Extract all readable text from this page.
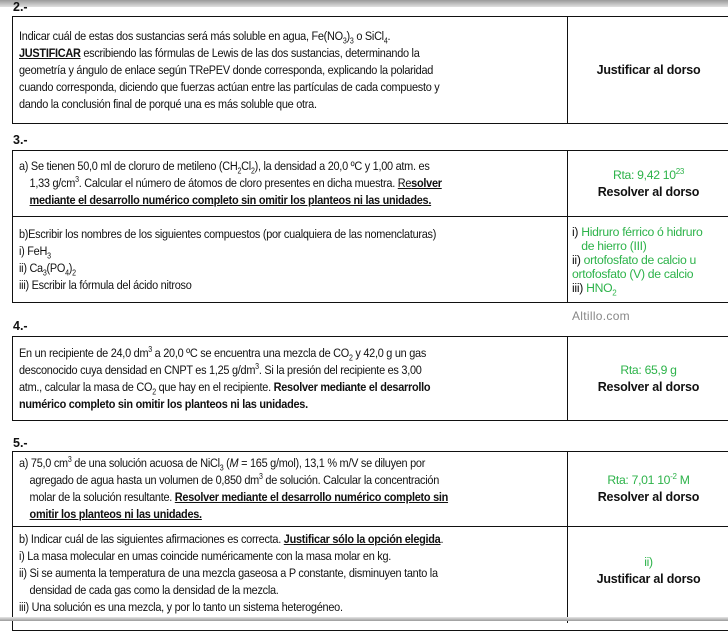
2.-
Indicar cuál de estas dos sustancias será más soluble en agua, $Fe(NO_3)_3$ o SiCl$_4$.
JUSTIFICAR escribiendo las fórmulas de Lewis de las dos sustancias, determinando la
geometría y ángulo de enlace según TRePEV donde corresponda, explicando la polaridad
cuando corresponda, diciendo que fuerzas actúan entre las partículas de cada compuesto y
dando la conclusión final de porqué una es más soluble que otra.
Justificar al dorso
3.-
a) Se tienen 50,0 ml de cloruro de metileno $(CH_2Cl_2)$, la densidad a 20,0 ºC y 1,00 atm. es
1,33 $g/cm^3$. Calcular el número de átomos de cloro presentes en dicha muestra. Resolver
mediante el desarrollo numérico completo sin omitir los planteos ni las unidades.
Rta: 9,42 $10^{23}$
Resolver al dorso
b)Escribir los nombres de los siguientes compuestos (por cualquiera de las nomenclaturas)
i) FeH$_3$
ii) $Ca_3(PO_4)_2$
iii) Escribir la fórmula del ácido nitroso
i) Hidruro férrico ó hidruro
de hierro (III)
ii) ortofosfato de calcio u
ortofosfato (V) de calcio
iii) $HNO_2$
Altillo.com
4.-
En un recipiente de 24,0 $dm^3$ a 20,0 ºC se encuentra una mezcla de $CO_2$ y 42,0 g un gas
desconocido cuya densidad en CNPT es 1,25 $g/dm^3$. Si la presión del recipiente es 3,00
atm., calcular la masa de $CO_2$ que hay en el recipiente. Resolver mediante el desarrollo
numérico completo sin omitir los planteos ni las unidades.
Rta: 65,9 g
Resolver al dorso
5.-
a) 75,0 $cm^3$ de una solución acuosa de NiCl$_3$ (M = 165 g/mol), 13,1 % m/V se diluyen por
agregado de agua hasta un volumen de 0,850 $dm^3$ de solución. Calcular la concentración
molar de la solución resultante. Resolver mediante el desarrollo numérico completo sin
omitir los planteos ni las unidades.
Rta: 7,01 $10^{-2}$ M
Resolver al dorso
b) Indicar cuál de las siguientes afirmaciones es correcta. Justificar sólo la opción elegida.
i) La masa molecular en umas coincide numéricamente con la masa molar en kg.
ii) Si se aumenta la temperatura de una mezcla gaseosa a P constante, disminuyen tanto la
densidad de cada gas como la densidad de la mezcla.
iii) Una solución es una mezcla, y por lo tanto un sistema heterogéneo.
ii)
Justificar al dorso
